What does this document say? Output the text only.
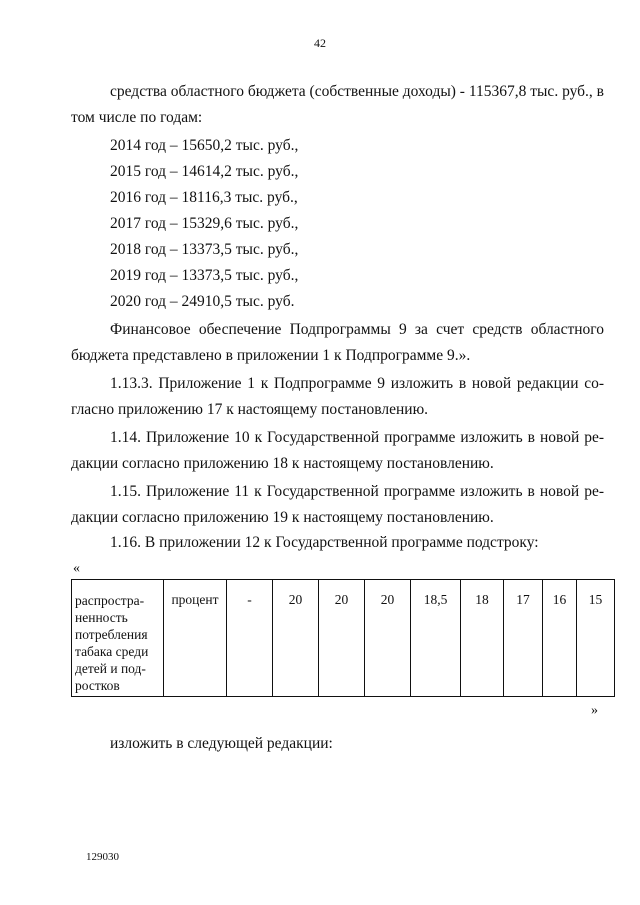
42
средства областного бюджета (собственные доходы) - 115367,8 тыс. руб., в
том числе по годам:
2014 год – 15650,2 тыс. руб.,
2015 год – 14614,2 тыс. руб.,
2016 год – 18116,3 тыс. руб.,
2017 год – 15329,6 тыс. руб.,
2018 год – 13373,5 тыс. руб.,
2019 год – 13373,5 тыс. руб.,
2020 год – 24910,5 тыс. руб.
Финансовое обеспечение Подпрограммы 9 за счет средств областного
бюджета представлено в приложении 1 к Подпрограмме 9.».
1.13.3. Приложение 1 к Подпрограмме 9 изложить в новой редакции со-
гласно приложению 17 к настоящему постановлению.
1.14. Приложение 10 к Государственной программе изложить в новой ре-
дакции согласно приложению 18 к настоящему постановлению.
1.15. Приложение 11 к Государственной программе изложить в новой ре-
дакции согласно приложению 19 к настоящему постановлению.
1.16. В приложении 12 к Государственной программе подстроку:
«
распростра-
ненность
потребления
табака среди
детей и под-
ростков	процент	-	20	20	20	18,5	18	17	16	15
»
изложить в следующей редакции:
129030
